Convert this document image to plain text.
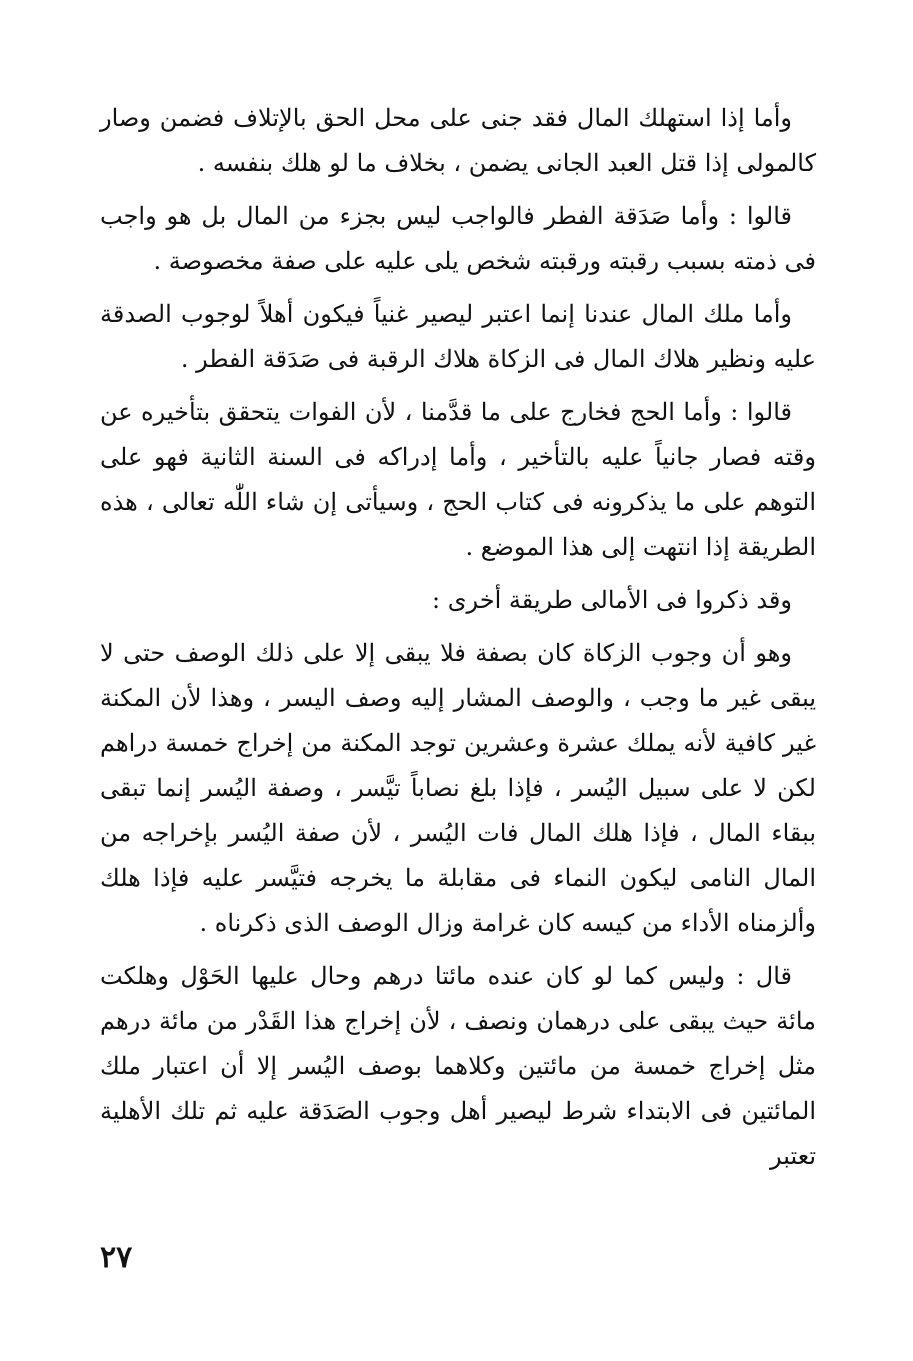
وأما إذا استهلك المال فقد جنى على محل الحق بالإتلاف فضمن وصار كالمولى إذا قتل العبد الجانى يضمن ، بخلاف ما لو هلك بنفسه .

قالوا : وأما صَدَقة الفطر فالواجب ليس بجزء من المال بل هو واجب فى ذمته بسبب رقبته ورقبته شخص يلى عليه على صفة مخصوصة .

وأما ملك المال عندنا إنما اعتبر ليصير غنياً فيكون أهلاً لوجوب الصدقة عليه ونظير هلاك المال فى الزكاة هلاك الرقبة فى صَدَقة الفطر .

قالوا : وأما الحج فخارج على ما قدَّمنا ، لأن الفوات يتحقق بتأخيره عن وقته فصار جانياً عليه بالتأخير ، وأما إدراكه فى السنة الثانية فهو على التوهم على ما يذكرونه فى كتاب الحج ، وسيأتى إن شاء اللّٰه تعالى ، هذه الطريقة إذا انتهت إلى هذا الموضع .

وقد ذكروا فى الأمالى طريقة أخرى :

وهو أن وجوب الزكاة كان بصفة فلا يبقى إلا على ذلك الوصف حتى لا يبقى غير ما وجب ، والوصف المشار إليه وصف اليسر ، وهذا لأن المكنة غير كافية لأنه يملك عشرة وعشرين توجد المكنة من إخراج خمسة دراهم لكن لا على سبيل اليُسر ، فإذا بلغ نصاباً تيَّسر ، وصفة اليُسر إنما تبقى ببقاء المال ، فإذا هلك المال فات اليُسر ، لأن صفة اليُسر بإخراجه من المال النامى ليكون النماء فى مقابلة ما يخرجه فتيَّسر عليه فإذا هلك وألزمناه الأداء من كيسه كان غرامة وزال الوصف الذى ذكرناه .

قال : وليس كما لو كان عنده مائتا درهم وحال عليها الحَوْل وهلكت مائة حيث يبقى على درهمان ونصف ، لأن إخراج هذا القَدْر من مائة درهم مثل إخراج خمسة من مائتين وكلاهما بوصف اليُسر إلا أن اعتبار ملك المائتين فى الابتداء شرط ليصير أهل وجوب الصَدَقة عليه ثم تلك الأهلية تعتبر

٢٧
